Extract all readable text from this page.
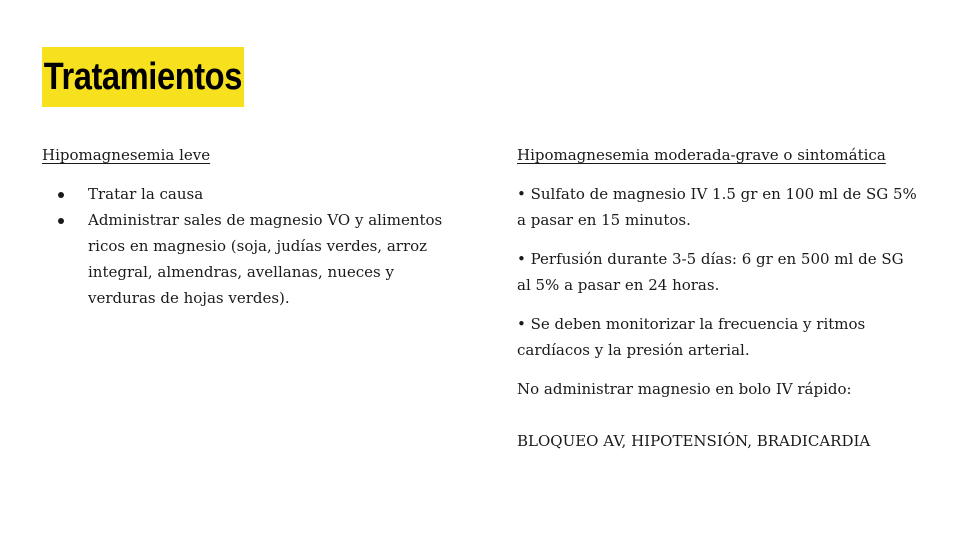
Tratamientos

Hipomagnesemia leve

Tratar la causa
Administrar sales de magnesio VO y alimentos ricos en magnesio (soja, judías verdes, arroz integral, almendras, avellanas, nueces y verduras de hojas verdes).

Hipomagnesemia moderada-grave o sintomática

• Sulfato de magnesio IV 1.5 gr en 100 ml de SG 5% a pasar en 15 minutos.

• Perfusión durante 3-5 días: 6 gr en 500 ml de SG al 5% a pasar en 24 horas.

• Se deben monitorizar la frecuencia y ritmos cardíacos y la presión arterial.

No administrar magnesio en bolo IV rápido:

BLOQUEO AV, HIPOTENSIÓN, BRADICARDIA
